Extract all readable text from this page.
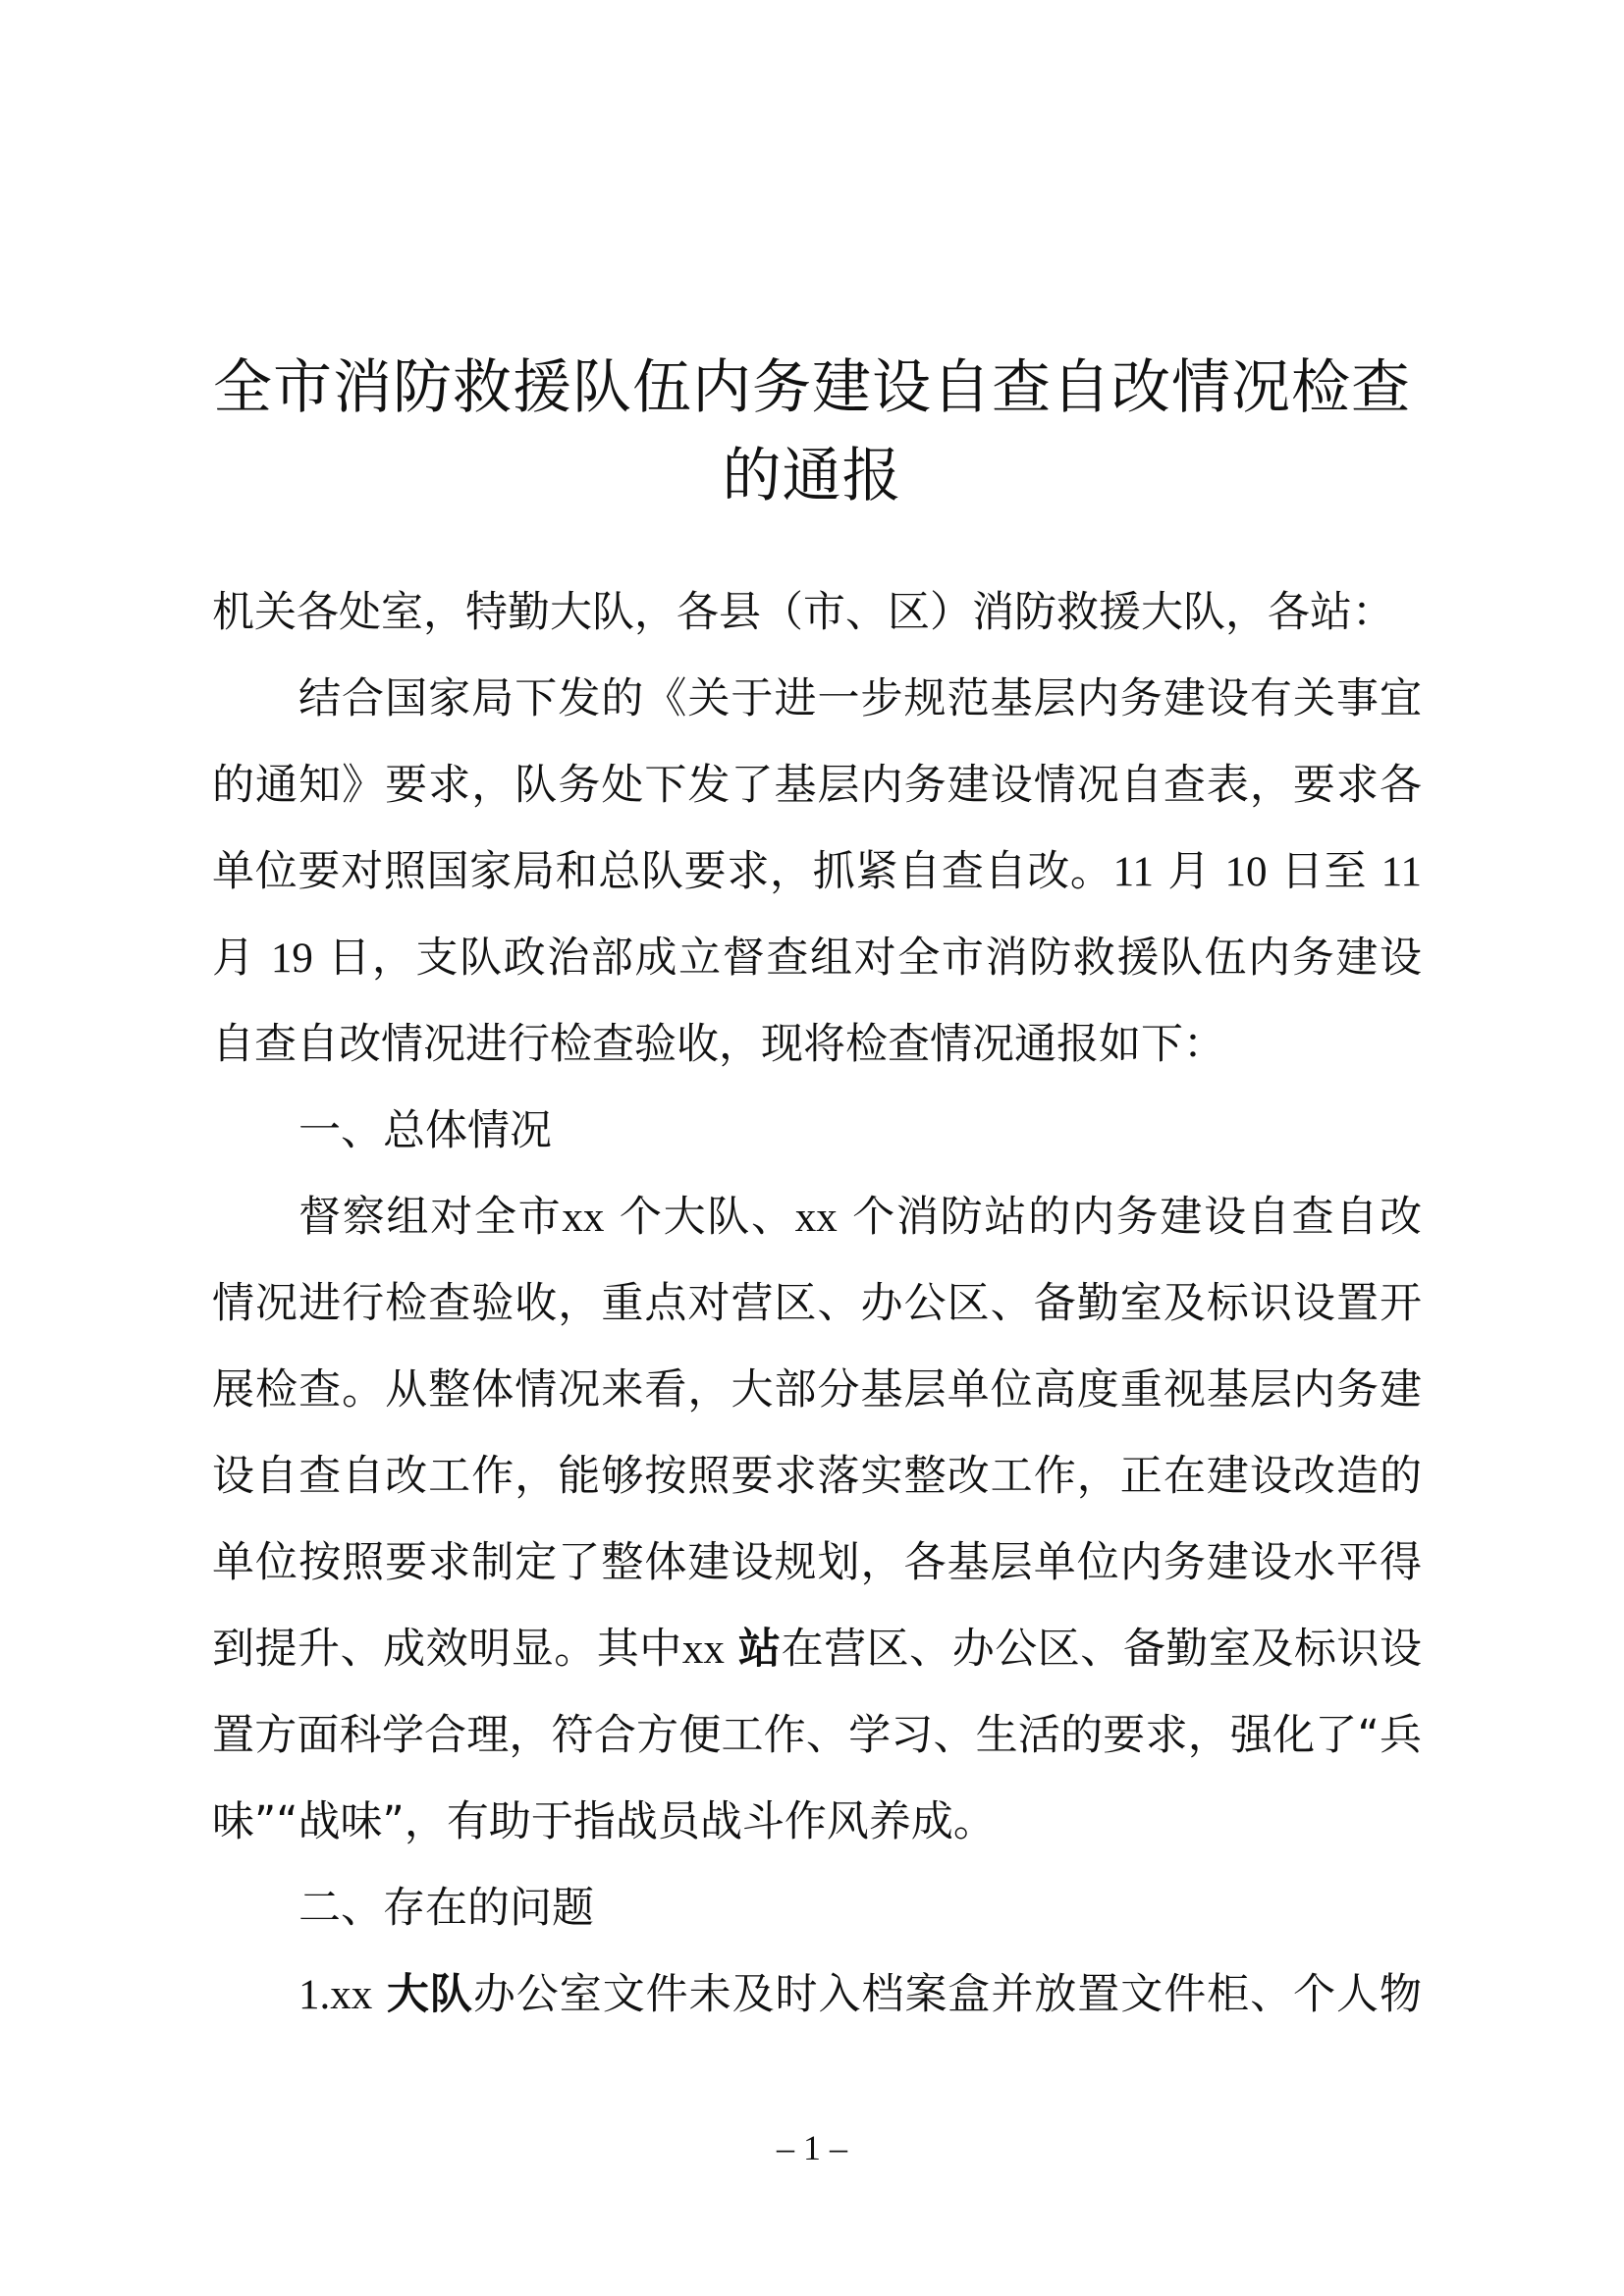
全市消防救援队伍内务建设自查自改情况检查
的通报
机关各处室，特勤大队，各县（市、区）消防救援大队，各站：
结合国家局下发的《关于进一步规范基层内务建设有关事宜
的通知》要求，队务处下发了基层内务建设情况自查表，要求各
单位要对照国家局和总队要求，抓紧自查自改。11 月 10 日至 11
月 19 日，支队政治部成立督查组对全市消防救援队伍内务建设
自查自改情况进行检查验收，现将检查情况通报如下：
一、总体情况
督察组对全市xx 个大队、xx 个消防站的内务建设自查自改
情况进行检查验收，重点对营区、办公区、备勤室及标识设置开
展检查。从整体情况来看，大部分基层单位高度重视基层内务建
设自查自改工作，能够按照要求落实整改工作，正在建设改造的
单位按照要求制定了整体建设规划，各基层单位内务建设水平得
到提升、成效明显。其中xx 站在营区、办公区、备勤室及标识设
置方面科学合理，符合方便工作、学习、生活的要求，强化了“兵
味”“战味”，有助于指战员战斗作风养成。
二、存在的问题
1.xx 大队办公室文件未及时入档案盒并放置文件柜、个人物
– 1 –
